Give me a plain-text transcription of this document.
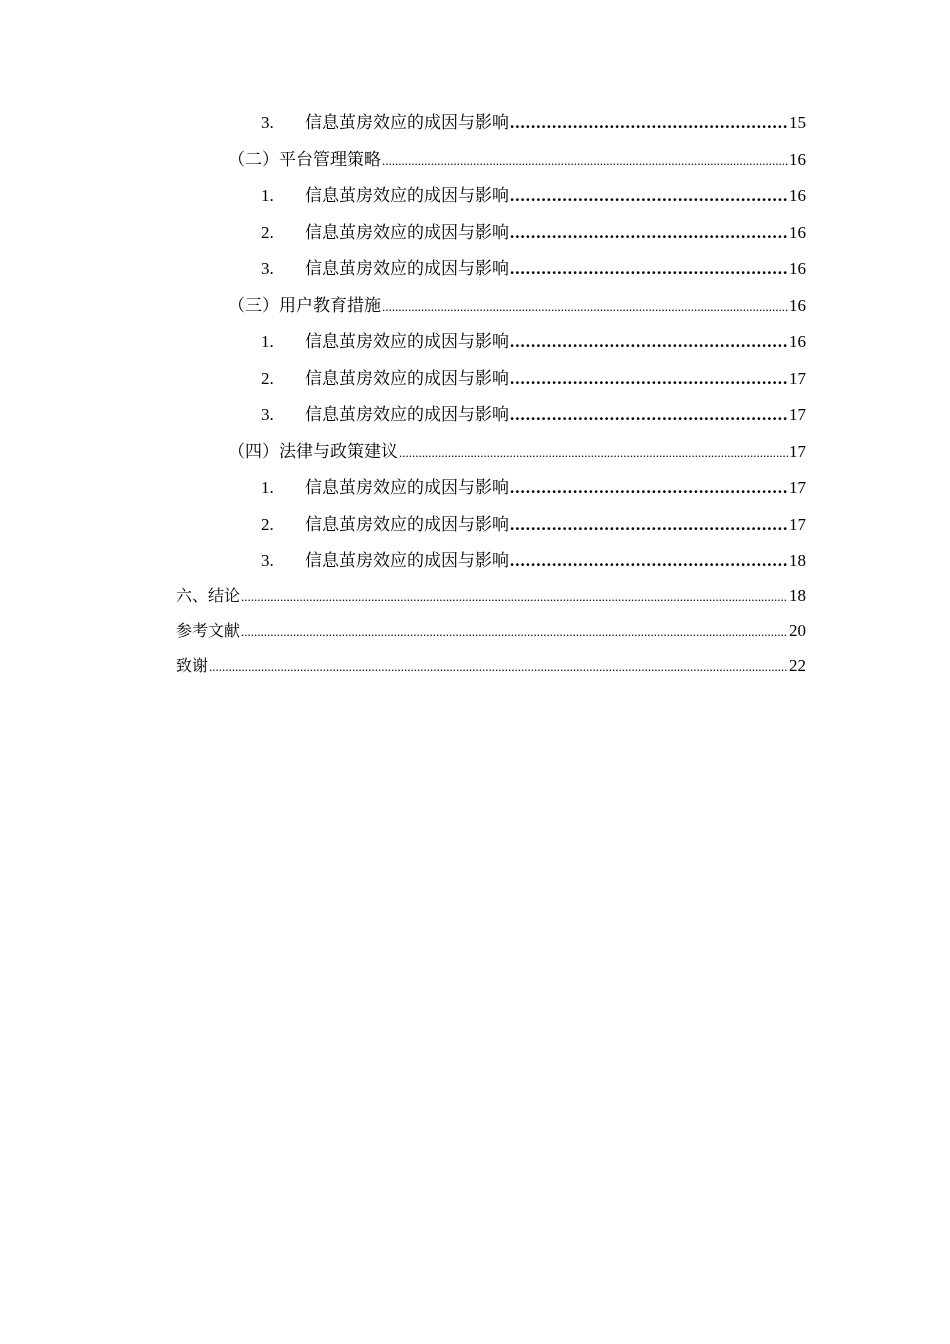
3.	信息茧房效应的成因与影响 .....	15
（二）平台管理策略 .....	16
1.	信息茧房效应的成因与影响 .....	16
2.	信息茧房效应的成因与影响 .....	16
3.	信息茧房效应的成因与影响 .....	16
（三）用户教育措施 .....	16
1.	信息茧房效应的成因与影响 .....	16
2.	信息茧房效应的成因与影响 .....	17
3.	信息茧房效应的成因与影响 .....	17
（四）法律与政策建议 .....	17
1.	信息茧房效应的成因与影响 .....	17
2.	信息茧房效应的成因与影响 .....	17
3.	信息茧房效应的成因与影响 .....	18
六、结论 .....	18
参考文献 .....	20
致谢 .....	22
